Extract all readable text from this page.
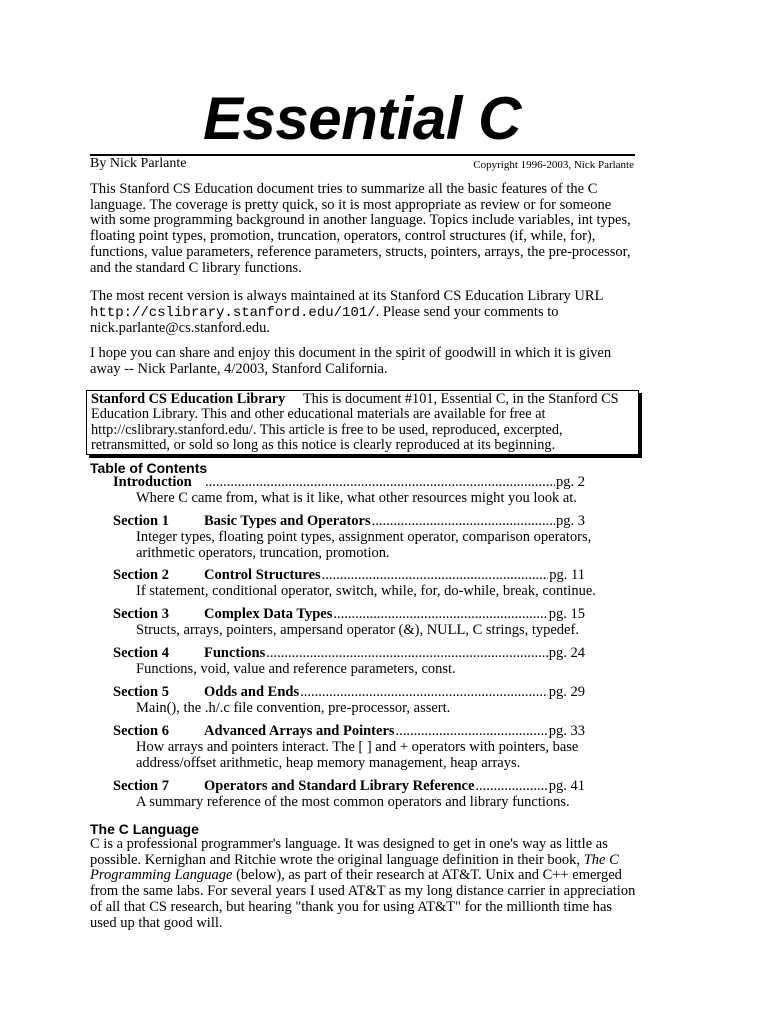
Essential C
By Nick Parlante	Copyright 1996-2003, Nick Parlante

This Stanford CS Education document tries to summarize all the basic features of the C language. The coverage is pretty quick, so it is most appropriate as review or for someone with some programming background in another language. Topics include variables, int types, floating point types, promotion, truncation, operators, control structures (if, while, for), functions, value parameters, reference parameters, structs, pointers, arrays, the pre-processor, and the standard C library functions.

The most recent version is always maintained at its Stanford CS Education Library URL http://cslibrary.stanford.edu/101/. Please send your comments to nick.parlante@cs.stanford.edu.

I hope you can share and enjoy this document in the spirit of goodwill in which it is given away -- Nick Parlante, 4/2003, Stanford California.

Stanford CS Education Library     This is document #101, Essential C, in the Stanford CS Education Library. This and other educational materials are available for free at http://cslibrary.stanford.edu/. This article is free to be used, reproduced, excerpted, retransmitted, or sold so long as this notice is clearly reproduced at its beginning.
Table of Contents
Introduction .....	pg. 2
Where C came from, what is it like, what other resources might you look at.
Section 1	Basic Types and Operators .....	pg. 3
Integer types, floating point types, assignment operator, comparison operators, arithmetic operators, truncation, promotion.
Section 2	Control Structures .....	pg. 11
If statement, conditional operator, switch, while, for, do-while, break, continue.
Section 3	Complex Data Types .....	pg. 15
Structs, arrays, pointers, ampersand operator (&), NULL, C strings, typedef.
Section 4	Functions .....	pg. 24
Functions, void, value and reference parameters, const.
Section 5	Odds and Ends .....	pg. 29
Main(), the .h/.c file convention, pre-processor, assert.
Section 6	Advanced Arrays and Pointers .....	pg. 33
How arrays and pointers interact. The [ ] and + operators with pointers, base address/offset arithmetic, heap memory management, heap arrays.
Section 7	Operators and Standard Library Reference .....	pg. 41
A summary reference of the most common operators and library functions.
The C Language

C is a professional programmer's language. It was designed to get in one's way as little as possible. Kernighan and Ritchie wrote the original language definition in their book, The C Programming Language (below), as part of their research at AT&T. Unix and C++ emerged from the same labs. For several years I used AT&T as my long distance carrier in appreciation of all that CS research, but hearing "thank you for using AT&T" for the millionth time has used up that good will.
